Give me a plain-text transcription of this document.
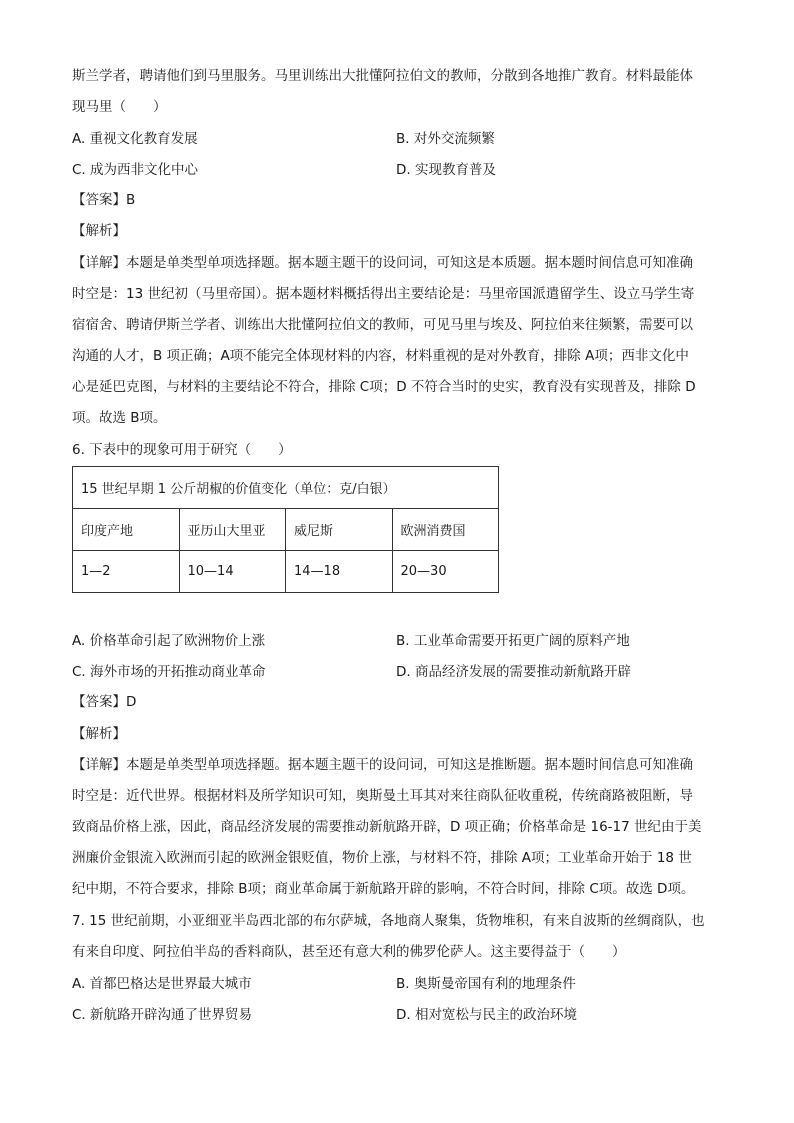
斯兰学者，聘请他们到马里服务。马里训练出大批懂阿拉伯文的教师，分散到各地推广教育。材料最能体
现马里（　　）
A. 重视文化教育发展	B. 对外交流频繁
C. 成为西非文化中心	D. 实现教育普及
【答案】B
【解析】
【详解】本题是单类型单项选择题。据本题主题干的设问词，可知这是本质题。据本题时间信息可知准确
时空是：13 世纪初（马里帝国）。据本题材料概括得出主要结论是：马里帝国派遣留学生、设立马学生寄
宿宿舍、聘请伊斯兰学者、训练出大批懂阿拉伯文的教师，可见马里与埃及、阿拉伯来往频繁，需要可以
沟通的人才，B 项正确；A项不能完全体现材料的内容，材料重视的是对外教育，排除 A项；西非文化中
心是延巴克图，与材料的主要结论不符合，排除 C项；D 不符合当时的史实，教育没有实现普及，排除 D
项。故选 B项。
6. 下表中的现象可用于研究（　　）
15 世纪早期 1 公斤胡椒的价值变化（单位：克/白银）			
印度产地	亚历山大里亚	威尼斯	欧洲消费国
1—2	10—14	14—18	20—30
A. 价格革命引起了欧洲物价上涨	B. 工业革命需要开拓更广阔的原料产地
C. 海外市场的开拓推动商业革命	D. 商品经济发展的需要推动新航路开辟
【答案】D
【解析】
【详解】本题是单类型单项选择题。据本题主题干的设问词，可知这是推断题。据本题时间信息可知准确
时空是：近代世界。根据材料及所学知识可知，奥斯曼土耳其对来往商队征收重税，传统商路被阻断，导
致商品价格上涨，因此，商品经济发展的需要推动新航路开辟，D 项正确；价格革命是 16-17 世纪由于美
洲廉价金银流入欧洲而引起的欧洲金银贬值，物价上涨，与材料不符，排除 A项；工业革命开始于 18 世
纪中期，不符合要求，排除 B项；商业革命属于新航路开辟的影响，不符合时间，排除 C项。故选 D项。
7. 15 世纪前期，小亚细亚半岛西北部的布尔萨城，各地商人聚集，货物堆积，有来自波斯的丝绸商队，也
有来自印度、阿拉伯半岛的香料商队，甚至还有意大利的佛罗伦萨人。这主要得益于（　　）
A. 首都巴格达是世界最大城市	B. 奥斯曼帝国有利的地理条件
C. 新航路开辟沟通了世界贸易	D. 相对宽松与民主的政治环境
